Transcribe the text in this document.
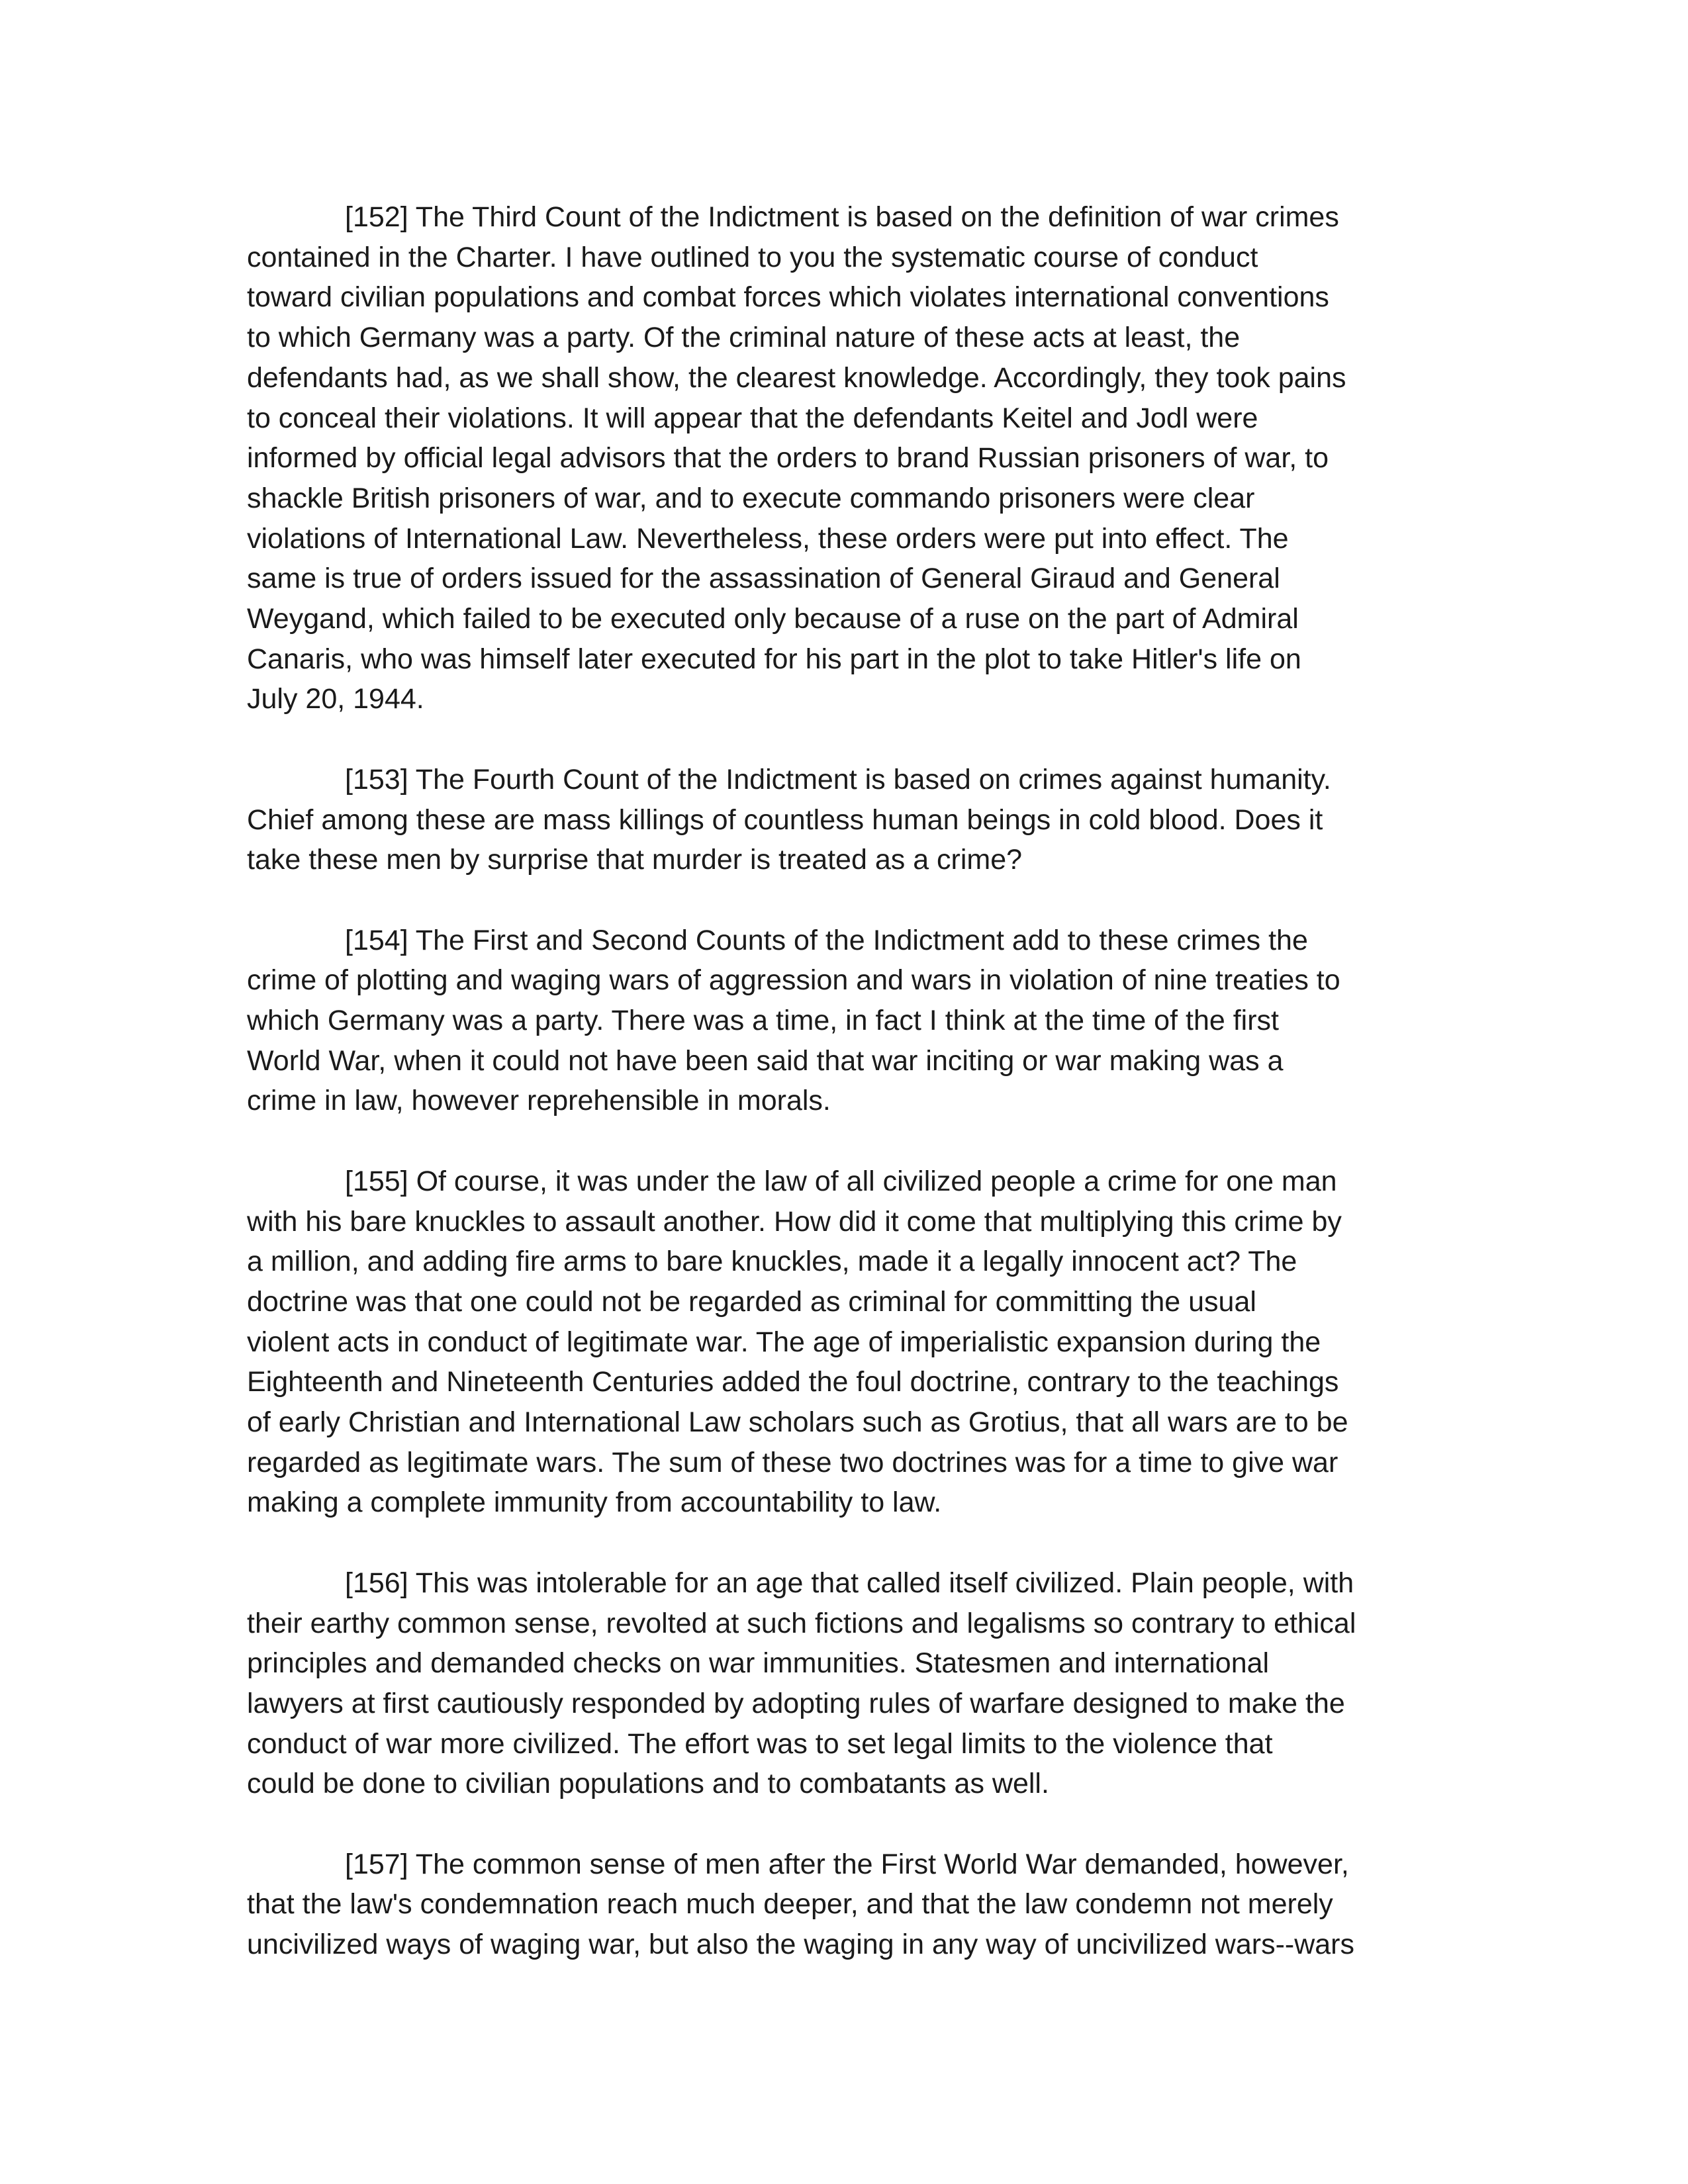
[152] The Third Count of the Indictment is based on the definition of war crimes
contained in the Charter. I have outlined to you the systematic course of conduct
toward civilian populations and combat forces which violates international conventions
to which Germany was a party. Of the criminal nature of these acts at least, the
defendants had, as we shall show, the clearest knowledge. Accordingly, they took pains
to conceal their violations. It will appear that the defendants Keitel and Jodl were
informed by official legal advisors that the orders to brand Russian prisoners of war, to
shackle British prisoners of war, and to execute commando prisoners were clear
violations of International Law. Nevertheless, these orders were put into effect. The
same is true of orders issued for the assassination of General Giraud and General
Weygand, which failed to be executed only because of a ruse on the part of Admiral
Canaris, who was himself later executed for his part in the plot to take Hitler's life on
July 20, 1944.
[153] The Fourth Count of the Indictment is based on crimes against humanity.
Chief among these are mass killings of countless human beings in cold blood. Does it
take these men by surprise that murder is treated as a crime?
[154] The First and Second Counts of the Indictment add to these crimes the
crime of plotting and waging wars of aggression and wars in violation of nine treaties to
which Germany was a party. There was a time, in fact I think at the time of the first
World War, when it could not have been said that war inciting or war making was a
crime in law, however reprehensible in morals.
[155] Of course, it was under the law of all civilized people a crime for one man
with his bare knuckles to assault another. How did it come that multiplying this crime by
a million, and adding fire arms to bare knuckles, made it a legally innocent act? The
doctrine was that one could not be regarded as criminal for committing the usual
violent acts in conduct of legitimate war. The age of imperialistic expansion during the
Eighteenth and Nineteenth Centuries added the foul doctrine, contrary to the teachings
of early Christian and International Law scholars such as Grotius, that all wars are to be
regarded as legitimate wars. The sum of these two doctrines was for a time to give war
making a complete immunity from accountability to law.
[156] This was intolerable for an age that called itself civilized. Plain people, with
their earthy common sense, revolted at such fictions and legalisms so contrary to ethical
principles and demanded checks on war immunities. Statesmen and international
lawyers at first cautiously responded by adopting rules of warfare designed to make the
conduct of war more civilized. The effort was to set legal limits to the violence that
could be done to civilian populations and to combatants as well.
[157] The common sense of men after the First World War demanded, however,
that the law's condemnation reach much deeper, and that the law condemn not merely
uncivilized ways of waging war, but also the waging in any way of uncivilized wars--wars
